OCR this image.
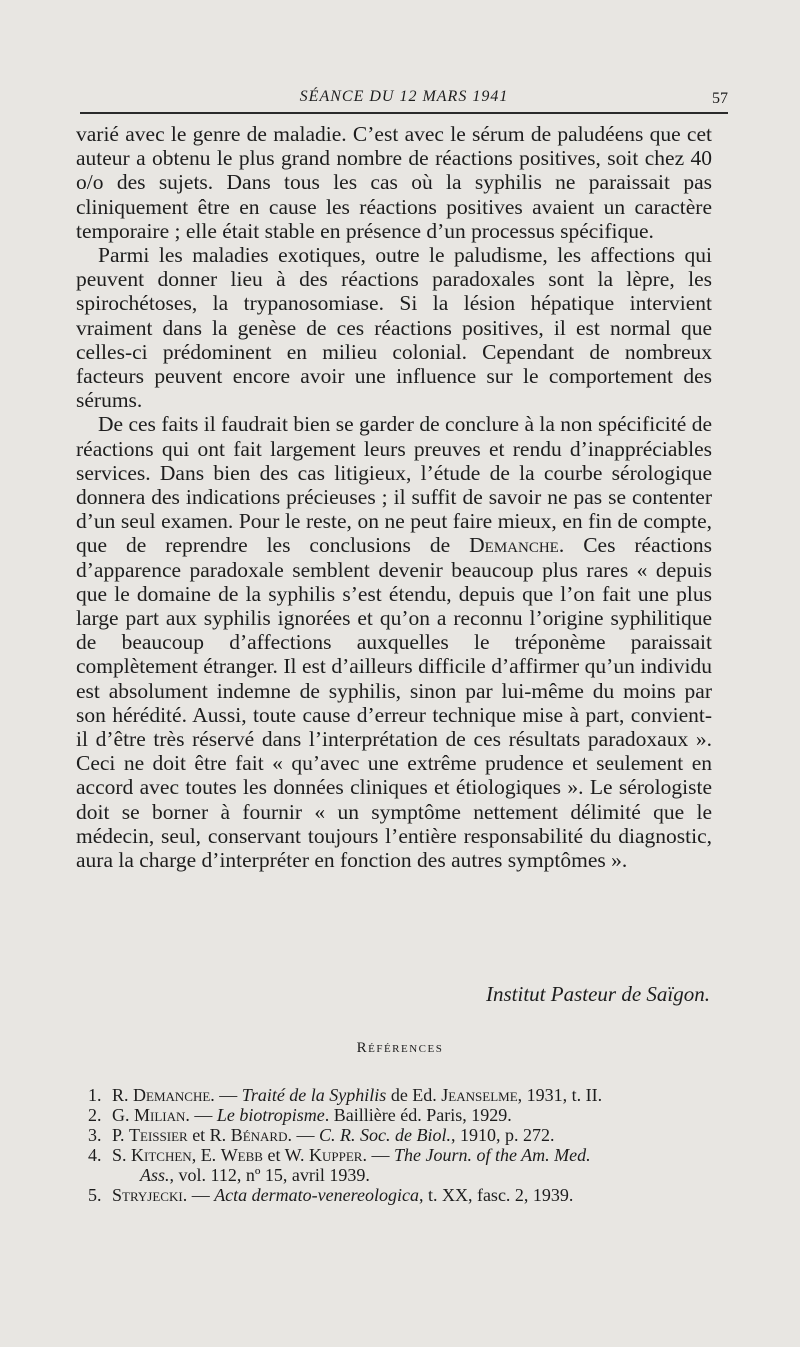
SÉANCE DU 12 MARS 1941	57

varié avec le genre de maladie. C’est avec le sérum de paludéens que cet auteur a obtenu le plus grand nombre de réactions positives, soit chez 40 o/o des sujets. Dans tous les cas où la syphilis ne paraissait pas cliniquement être en cause les réactions positives avaient un caractère temporaire ; elle était stable en présence d’un processus spécifique.

Parmi les maladies exotiques, outre le paludisme, les affections qui peuvent donner lieu à des réactions paradoxales sont la lèpre, les spirochétoses, la trypanosomiase. Si la lésion hépatique intervient vraiment dans la genèse de ces réactions positives, il est normal que celles-ci prédominent en milieu colonial. Cependant de nombreux facteurs peuvent encore avoir une influence sur le comportement des sérums.

De ces faits il faudrait bien se garder de conclure à la non spécificité de réactions qui ont fait largement leurs preuves et rendu d’inappréciables services. Dans bien des cas litigieux, l’étude de la courbe sérologique donnera des indications précieuses ; il suffit de savoir ne pas se contenter d’un seul examen. Pour le reste, on ne peut faire mieux, en fin de compte, que de reprendre les conclusions de Demanche. Ces réactions d’apparence paradoxale semblent devenir beaucoup plus rares « depuis que le domaine de la syphilis s’est étendu, depuis que l’on fait une plus large part aux syphilis ignorées et qu’on a reconnu l’origine syphilitique de beaucoup d’affections auxquelles le tréponème paraissait complètement étranger. Il est d’ailleurs difficile d’affirmer qu’un individu est absolument indemne de syphilis, sinon par lui-même du moins par son hérédité. Aussi, toute cause d’erreur technique mise à part, convient-il d’être très réservé dans l’interprétation de ces résultats paradoxaux ». Ceci ne doit être fait « qu’avec une extrême prudence et seulement en accord avec toutes les données cliniques et étiologiques ». Le sérologiste doit se borner à fournir « un symptôme nettement délimité que le médecin, seul, conservant toujours l’entière responsabilité du diagnostic, aura la charge d’interpréter en fonction des autres symptômes ».

Institut Pasteur de Saïgon.
Références
1. R. Demanche. — Traité de la Syphilis de Ed. Jeanselme, 1931, t. II.
2. G. Milian. — Le biotropisme. Baillière éd. Paris, 1929.
3. P. Teissier et R. Bénard. — C. R. Soc. de Biol., 1910, p. 272.
4. S. Kitchen, E. Webb et W. Kupper. — The Journ. of the Am. Med.
Ass., vol. 112, nº 15, avril 1939.
5. Stryjecki. — Acta dermato-venereologica, t. XX, fasc. 2, 1939.
